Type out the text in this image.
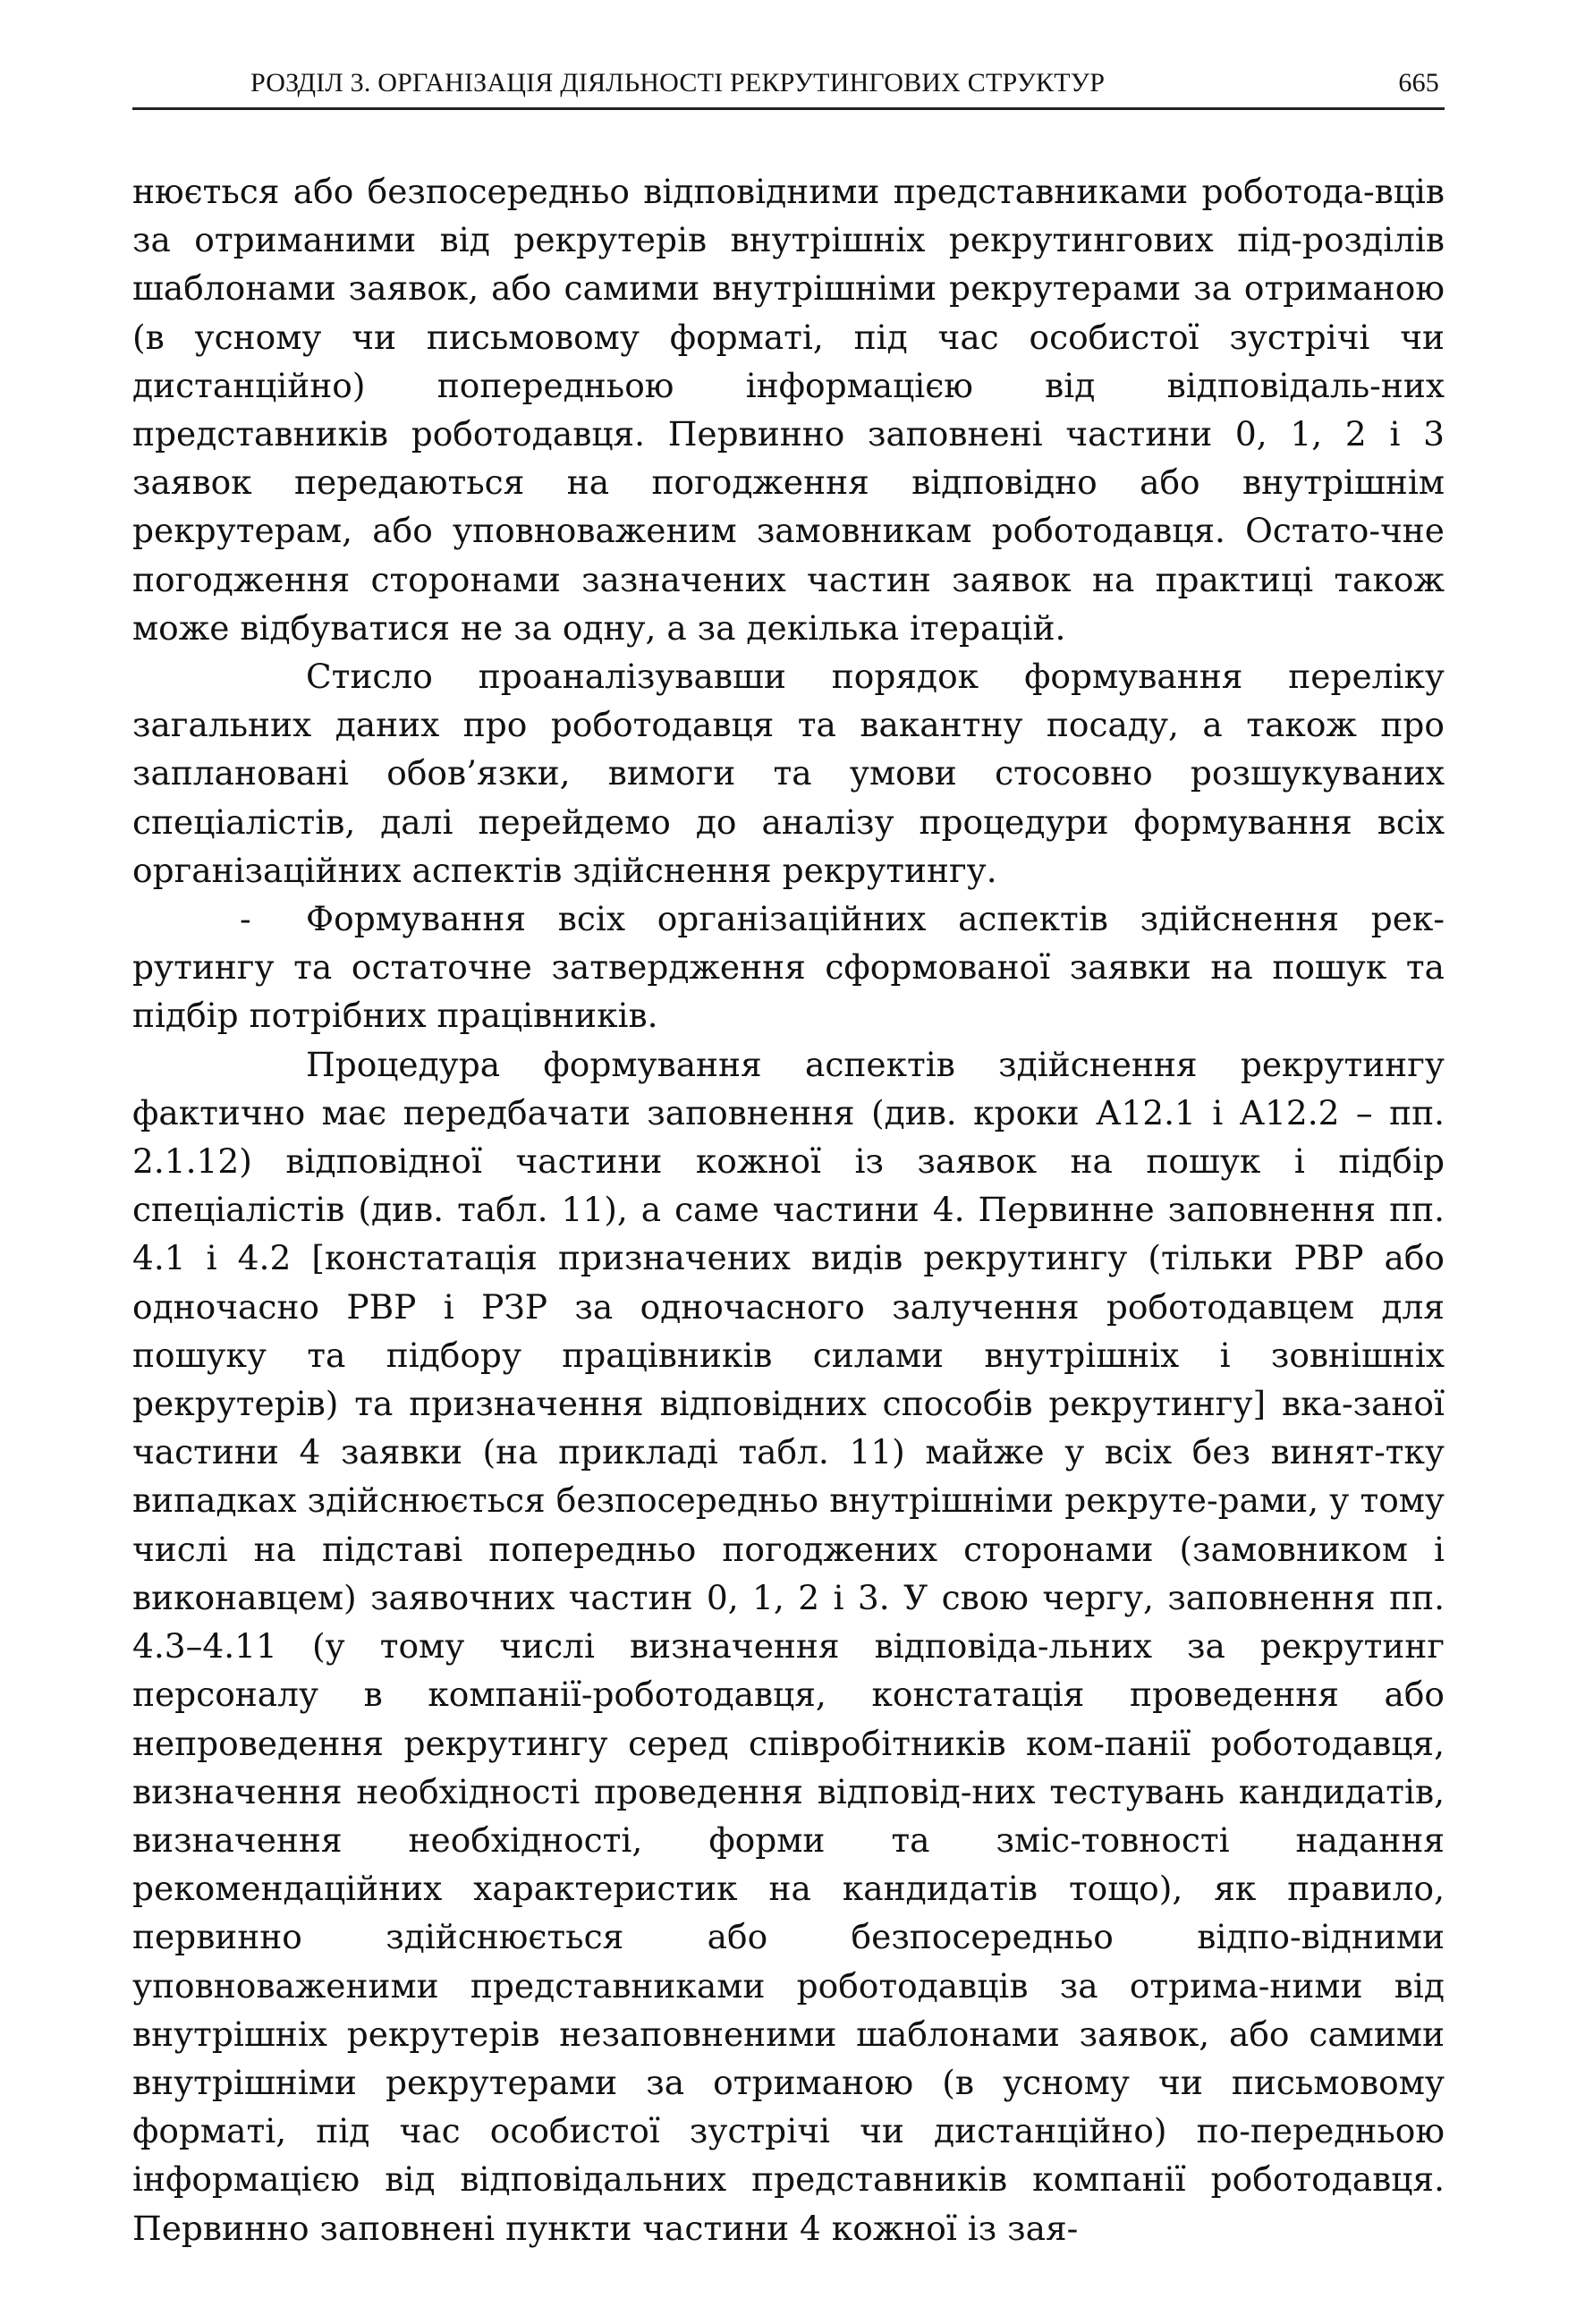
РОЗДІЛ 3. ОРГАНІЗАЦІЯ ДІЯЛЬНОСТІ РЕКРУТИНГОВИХ СТРУКТУР	665

нюється або безпосередньо відповідними представниками роботода-вців за отриманими від рекрутерів внутрішніх рекрутингових під-розділів шаблонами заявок, або самими внутрішніми рекрутерами за отриманою (в усному чи письмовому форматі, під час особистої зустрічі чи дистанційно) попередньою інформацією від відповідаль-них представників роботодавця. Первинно заповнені частини 0, 1, 2 і 3 заявок передаються на погодження відповідно або внутрішнім рекрутерам, або уповноваженим замовникам роботодавця. Остато-чне погодження сторонами зазначених частин заявок на практиці також може відбуватися не за одну, а за декілька ітерацій.

Стисло проаналізувавши порядок формування переліку загальних даних про роботодавця та вакантну посаду, а також про заплановані обов’язки, вимоги та умови стосовно розшукуваних спеціалістів, далі перейдемо до аналізу процедури формування всіх організаційних аспектів здійснення рекрутингу.

- Формування всіх організаційних аспектів здійснення рек-рутингу та остаточне затвердження сформованої заявки на пошук та підбір потрібних працівників.

Процедура формування аспектів здійснення рекрутингу фактично має передбачати заповнення (див. кроки А12.1 і А12.2 – пп. 2.1.12) відповідної частини кожної із заявок на пошук і підбір спеціалістів (див. табл. 11), а саме частини 4. Первинне заповнення пп. 4.1 і 4.2 [констатація призначених видів рекрутингу (тільки РВР або одночасно РВР і РЗР за одночасного залучення роботодавцем для пошуку та підбору працівників силами внутрішніх і зовнішніх рекрутерів) та призначення відповідних способів рекрутингу] вка-заної частини 4 заявки (на прикладі табл. 11) майже у всіх без винят-тку випадках здійснюється безпосередньо внутрішніми рекруте-рами, у тому числі на підставі попередньо погоджених сторонами (замовником і виконавцем) заявочних частин 0, 1, 2 і 3. У свою чергу, заповнення пп. 4.3–4.11 (у тому числі визначення відповіда-льних за рекрутинг персоналу в компанії-роботодавця, констатація проведення або непроведення рекрутингу серед співробітників ком-панії роботодавця, визначення необхідності проведення відповід-них тестувань кандидатів, визначення необхідності, форми та зміс-товності надання рекомендаційних характеристик на кандидатів тощо), як правило, первинно здійснюється або безпосередньо відпо-відними уповноваженими представниками роботодавців за отрима-ними від внутрішніх рекрутерів незаповненими шаблонами заявок, або самими внутрішніми рекрутерами за отриманою (в усному чи письмовому форматі, під час особистої зустрічі чи дистанційно) по-передньою інформацією від відповідальних представників компанії роботодавця. Первинно заповнені пункти частини 4 кожної із зая-
